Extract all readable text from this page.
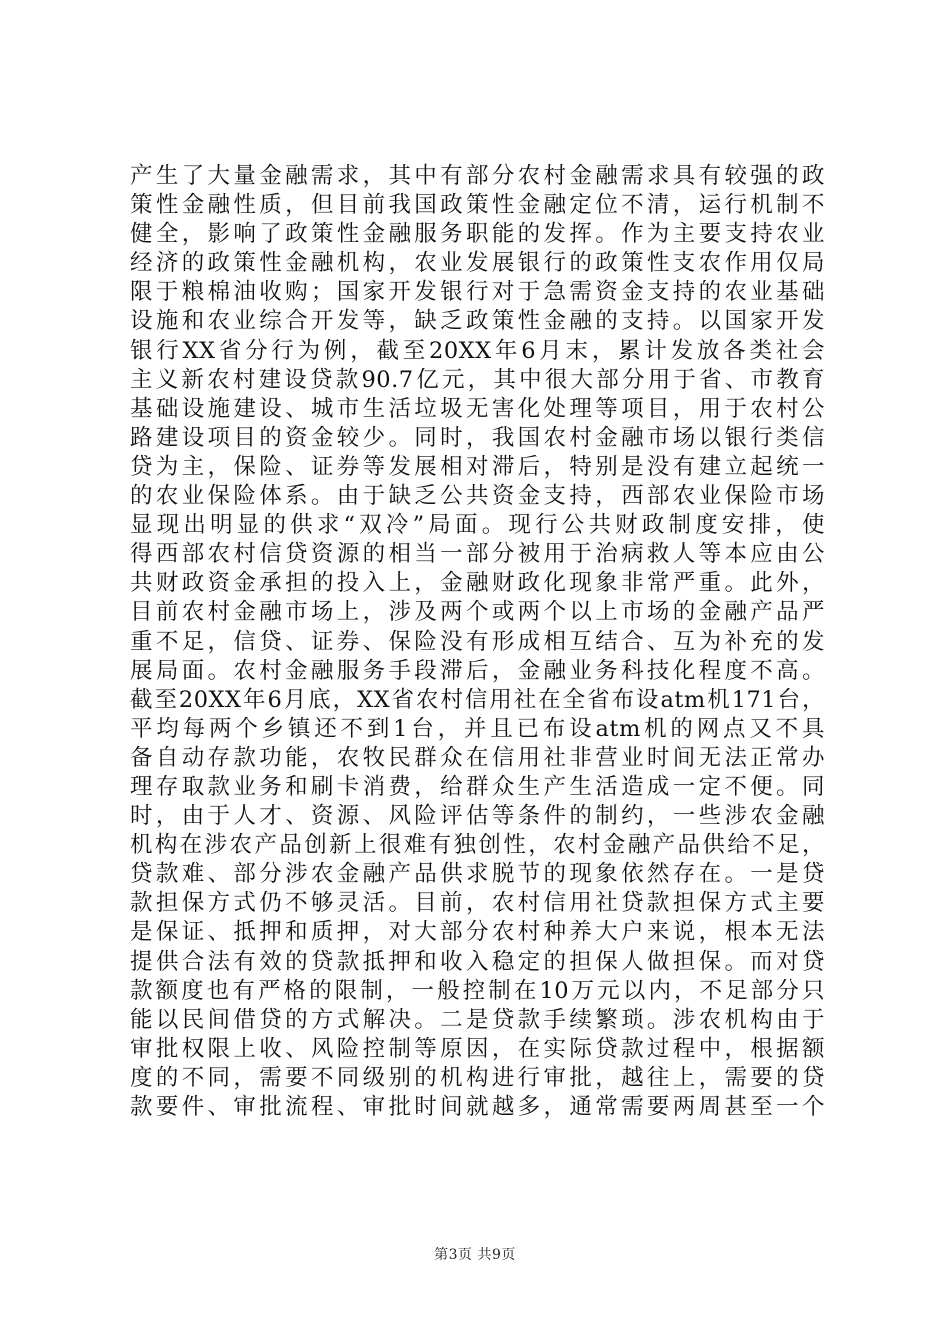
产生了大量金融需求，其中有部分农村金融需求具有较强的政
策性金融性质，但目前我国政策性金融定位不清，运行机制不
健全，影响了政策性金融服务职能的发挥。作为主要支持农业
经济的政策性金融机构，农业发展银行的政策性支农作用仅局
限于粮棉油收购；国家开发银行对于急需资金支持的农业基础
设施和农业综合开发等，缺乏政策性金融的支持。以国家开发
银行XX省分行为例，截至20XX年6月末，累计发放各类社会
主义新农村建设贷款90.7亿元，其中很大部分用于省、市教育
基础设施建设、城市生活垃圾无害化处理等项目，用于农村公
路建设项目的资金较少。同时，我国农村金融市场以银行类信
贷为主，保险、证券等发展相对滞后，特别是没有建立起统一
的农业保险体系。由于缺乏公共资金支持，西部农业保险市场
显现出明显的供求“双冷”局面。现行公共财政制度安排，使
得西部农村信贷资源的相当一部分被用于治病救人等本应由公
共财政资金承担的投入上，金融财政化现象非常严重。此外，
目前农村金融市场上，涉及两个或两个以上市场的金融产品严
重不足，信贷、证券、保险没有形成相互结合、互为补充的发
展局面。农村金融服务手段滞后，金融业务科技化程度不高。
截至20XX年6月底，XX省农村信用社在全省布设atm机171台，
平均每两个乡镇还不到1台，并且已布设atm机的网点又不具
备自动存款功能，农牧民群众在信用社非营业时间无法正常办
理存取款业务和刷卡消费，给群众生产生活造成一定不便。同
时，由于人才、资源、风险评估等条件的制约，一些涉农金融
机构在涉农产品创新上很难有独创性，农村金融产品供给不足，
贷款难、部分涉农金融产品供求脱节的现象依然存在。一是贷
款担保方式仍不够灵活。目前，农村信用社贷款担保方式主要
是保证、抵押和质押，对大部分农村种养大户来说，根本无法
提供合法有效的贷款抵押和收入稳定的担保人做担保。而对贷
款额度也有严格的限制，一般控制在10万元以内，不足部分只
能以民间借贷的方式解决。二是贷款手续繁琐。涉农机构由于
审批权限上收、风险控制等原因，在实际贷款过程中，根据额
度的不同，需要不同级别的机构进行审批，越往上，需要的贷
款要件、审批流程、审批时间就越多，通常需要两周甚至一个

第3页 共9页
